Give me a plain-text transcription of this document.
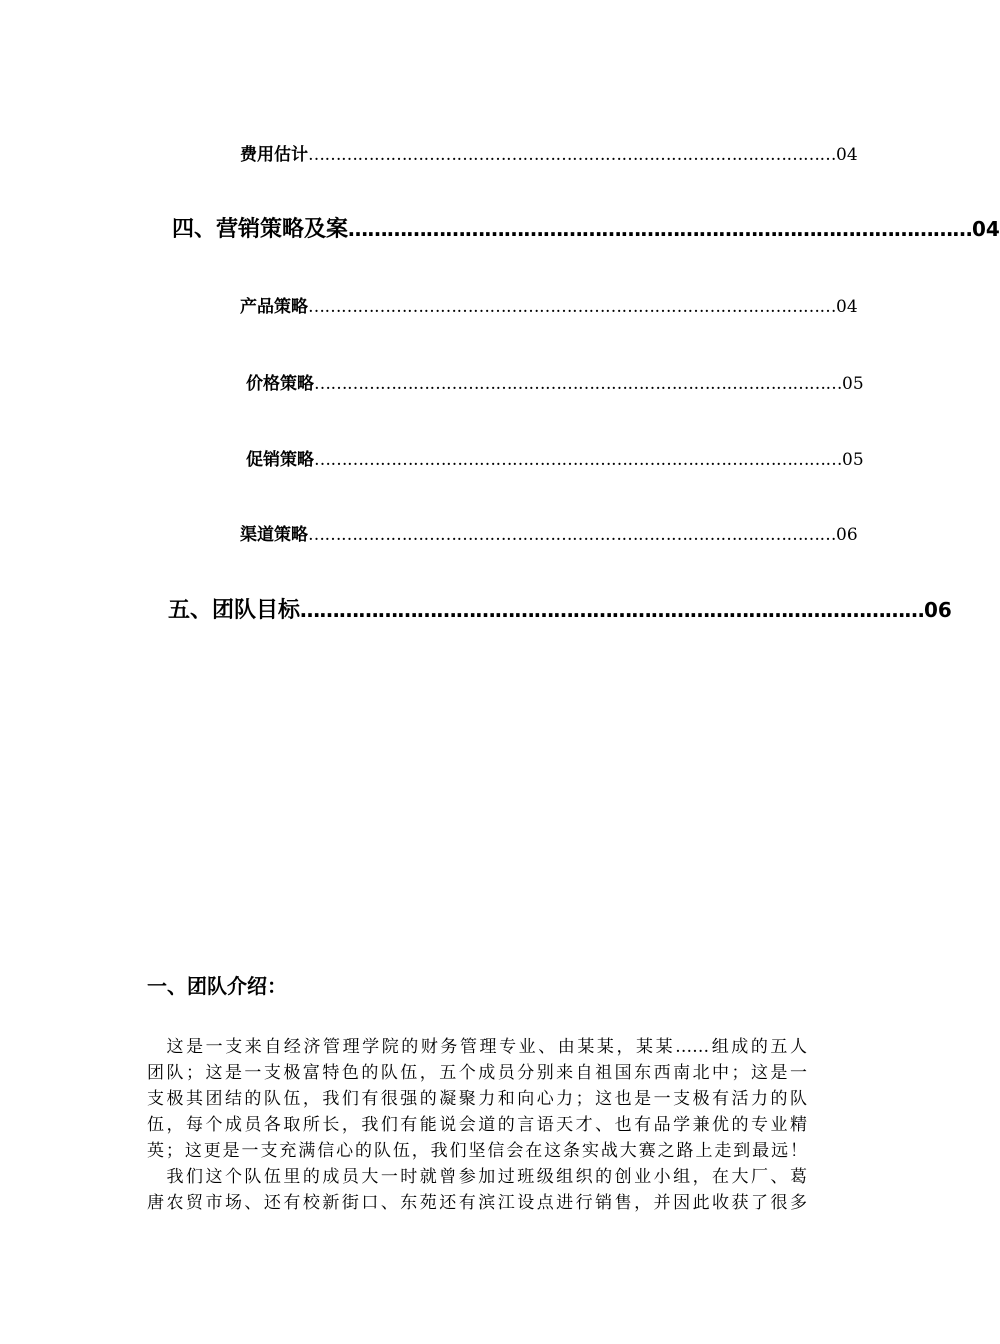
费用估计 …………………………………………………………………………………… 04
四、营销策略及案 …………………………………………………………………………………… 04
产品策略 …………………………………………………………………………………… 04
价格策略 …………………………………………………………………………………… 05
促销策略 …………………………………………………………………………………… 05
渠道策略 …………………………………………………………………………………… 06
五、团队目标 …………………………………………………………………………………… 06
一、团队介绍：

　这是一支来自经济管理学院的财务管理专业、由某某，某某……组成的五人
团队；这是一支极富特色的队伍，五个成员分别来自祖国东西南北中；这是一
支极其团结的队伍，我们有很强的凝聚力和向心力；这也是一支极有活力的队
伍，每个成员各取所长，我们有能说会道的言语天才、也有品学兼优的专业精
英；这更是一支充满信心的队伍，我们坚信会在这条实战大赛之路上走到最远！

　我们这个队伍里的成员大一时就曾参加过班级组织的创业小组，在大厂、葛
唐农贸市场、还有校新街口、东苑还有滨江设点进行销售，并因此收获了很多
